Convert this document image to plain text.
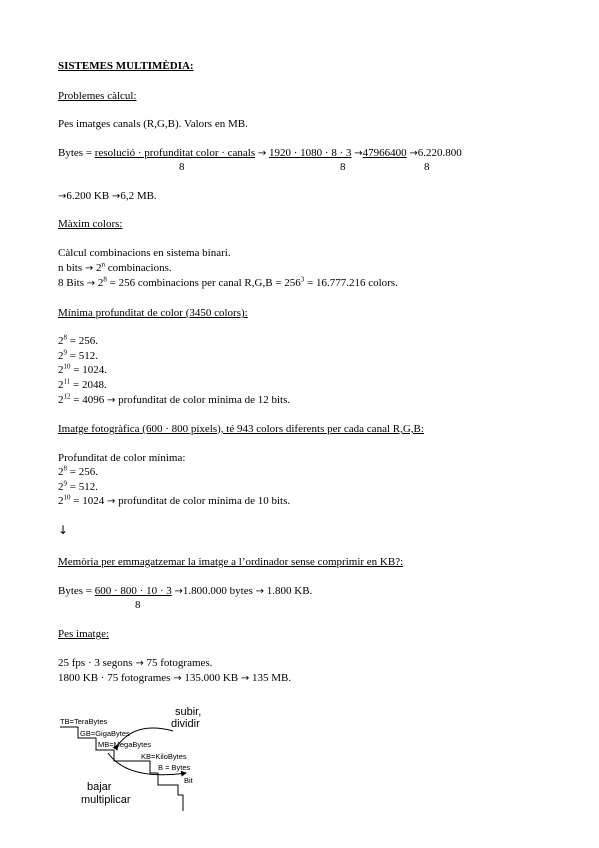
SISTEMES MULTIMÈDIA:
Problemes càlcul:
Pes imatges canals (R,G,B). Valors en MB.
Bytes = resolució · profunditat color · canals → 1920 · 1080 · 8 · 3 →47966400 →6.220.800
8	8	8
→6.200 KB →6,2 MB.
Màxim colors:
Càlcul combinacions en sistema binari.
n bits → $2^n$ combinacions.
8 Bits → $2^8 = 256$ combinacions per canal $R,G,B = 256^3 = 16.777.216$ colors.
Mínima profunditat de color (3450 colors):
$2^8 = 256$.
$2^9 = 512$.
$2^{10} = 1024$.
$2^{11} = 2048$.
$2^{12} = 4096$ → profunditat de color mínima de 12 bits.
Imatge fotogràfica (600 · 800 píxels), té 943 colors diferents per cada canal R,G,B:
Profunditat de color mínima:
$2^8 = 256$.
$2^9 = 512$.
$2^{10} = 1024$ → profunditat de color mínima de 10 bits.
↓
Memòria per emmagatzemar la imatge a l’ordinador sense comprimir en KB?:
Bytes = 600 · 800 · 10 · 3 →1.800.000 bytes → 1.800 KB.
8
Pes imatge:
25 fps · 3 segons → 75 fotogrames.
1800 KB · 75 fotogrames → 135.000 KB → 135 MB.
TB=TeraBytes
GB=GigaBytes
MB=MegaBytes
KB=KiloBytes
B = Bytes
Bit
subir,
dividir
bajar
multiplicar
